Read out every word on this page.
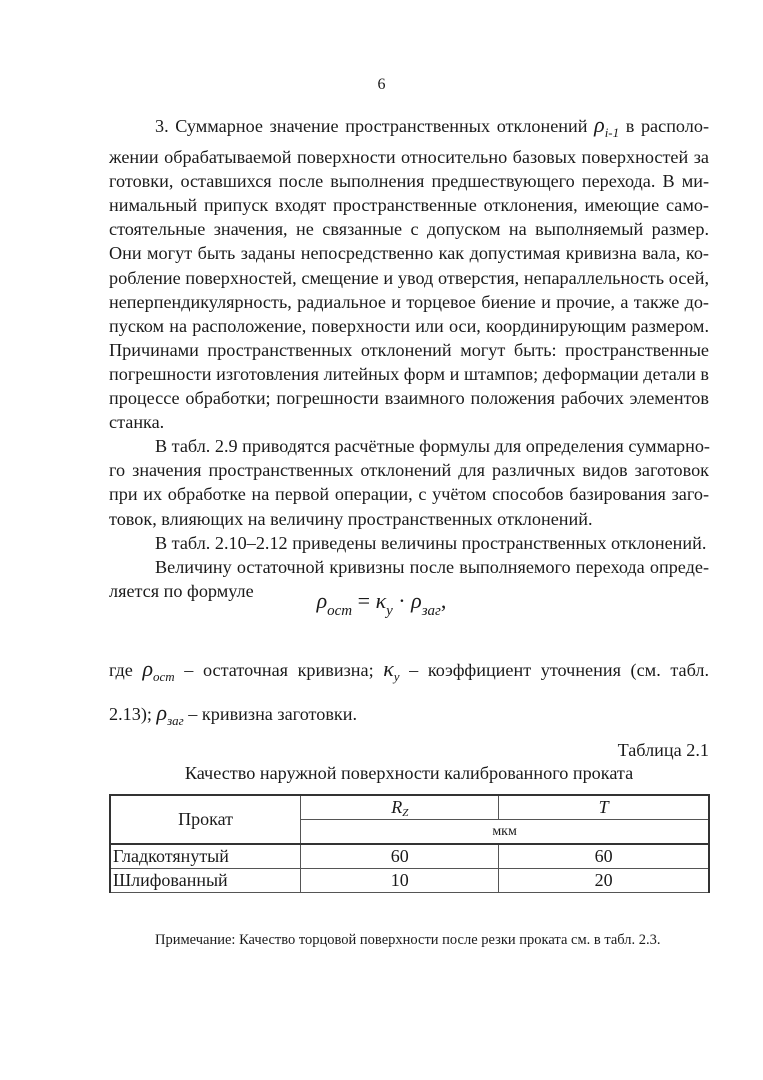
6

3. Суммарное значение пространственных отклонений $\rho_{i-1}$ в располо-
жении обрабатываемой поверхности относительно базовых поверхностей за
готовки, оставшихся после выполнения предшествующего перехода. В ми-
нимальный припуск входят пространственные отклонения, имеющие само-
стоятельные значения, не связанные с допуском на выполняемый размер.
Они могут быть заданы непосредственно как допустимая кривизна вала, ко-
робление поверхностей, смещение и увод отверстия, непараллельность осей,
неперпендикулярность, радиальное и торцевое биение и прочие, а также до-
пуском на расположение, поверхности или оси, координирующим размером.
Причинами пространственных отклонений могут быть: пространственные
погрешности изготовления литейных форм и штампов; деформации детали в
процессе обработки; погрешности взаимного положения рабочих элементов
станка.

В табл. 2.9 приводятся расчётные формулы для определения суммарно-
го значения пространственных отклонений для различных видов заготовок
при их обработке на первой операции, с учётом способов базирования заго-
товок, влияющих на величину пространственных отклонений.

В табл. 2.10–2.12 приведены величины пространственных отклонений.

Величину остаточной кривизны после выполняемого перехода опреде-
ляется по формуле	$\rho_{ост} = \kappa_y \cdot \rho_{заг}$,
где $\rho_{ост}$ – остаточная кривизна; $\kappa_y$ – коэффициент уточнения (см. табл.
2.13); $\rho_{заг}$ – кривизна заготовки.
Таблица 2.1
Качество наружной поверхности калиброванного проката
Прокат	$R_Z$	T
	мкм	
Гладкотянутый	60	60
Шлифованный	10	20
Примечание: Качество торцовой поверхности после резки проката см. в табл. 2.3.
